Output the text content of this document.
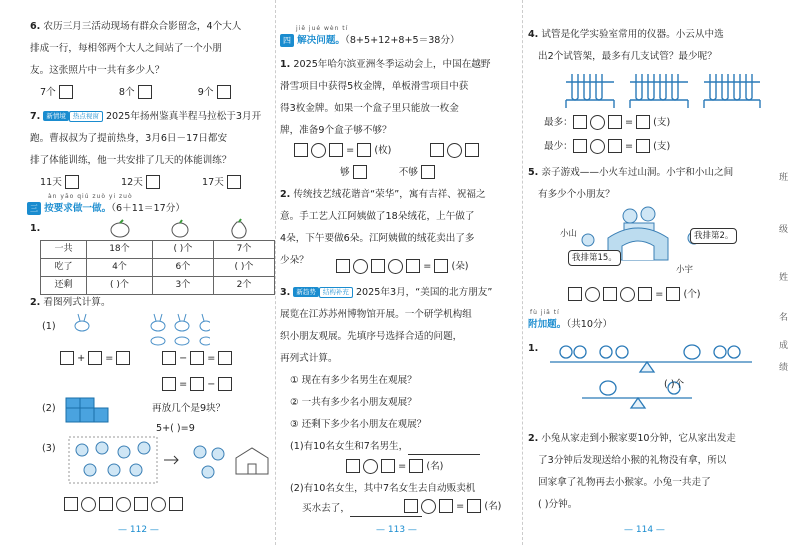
6. 农历三月三活动现场有群众合影留念，4个大人
排成一行，每相邻两个大人之间站了一个小朋
友。这张照片中一共有多少人？
7个	8个	9个
7. 新情境 热点视窗 2025年扬州鉴真半程马拉松于3月开
跑。曹叔叔为了提前热身，3月6日－17日都安
排了体能训练，他一共安排了几天的体能训练？
11天	12天	17天
àn yāo qiú zuò yi zuò
三 按要求做一做。（6＋11＝17分）
1.
一共	18个	( )个	7个
吃了	4个	6个	( )个
还剩	( )个	3个	2个
2. 看图列式计算。
(1)
+ =	− =
= −
(2)	再放几个是9块？
5+( )=9
(3)

— 112 —
jiě jué wèn tí
四 解决问题。（8+5+12+8+5＝38分）
1. 2025年哈尔滨亚洲冬季运动会上，中国在越野
滑雪项目中获得5枚金牌，单板滑雪项目中获
得3枚金牌。如果一个盒子里只能放一枚金
牌，准备9个盒子够不够？
=  (枚)

够	不够
2. 传统技艺绒花谐音“荣华”，寓有吉祥、祝福之
意。手工艺人江阿姨做了18朵绒花，上午做了
4朵，下午要做6朵。江阿姨做的绒花卖出了多
少朵？
=  (朵)
3. 新趋势 结构补充 2025年3月，“美国的北方朋友”
展览在江苏苏州博物馆开展。一个研学机构组
织小朋友观展。先填序号选择合适的问题，
再列式计算。
① 现在有多少名男生在观展？
② 一共有多少名小朋友观展？
③ 还剩下多少名小朋友在观展？
(1)有10名女生和7名男生，
=  (名)
(2)有10名女生，其中7名女生去自动贩卖机
买水去了，	=  (名)
— 113 —
4. 试管是化学实验室常用的仪器。小云从中选
出2个试管架，最多有几支试管？最少呢？
最多：	=  (支)
最少：	=  (支)
5. 亲子游戏——小火车过山洞。小宇和小山之间
有多少个小朋友？
小山	我排第2。
我排第15。
小宇
=  (个)
fù jiā tí
附加题。（共10分）
1.
( )个
2. 小兔从家走到小猴家要10分钟，它从家出发走
了3分钟后发现送给小猴的礼物没有拿，所以
回家拿了礼物再去小猴家。小兔一共走了
( )分钟。
— 114 —
班
级
姓
名
成
绩
